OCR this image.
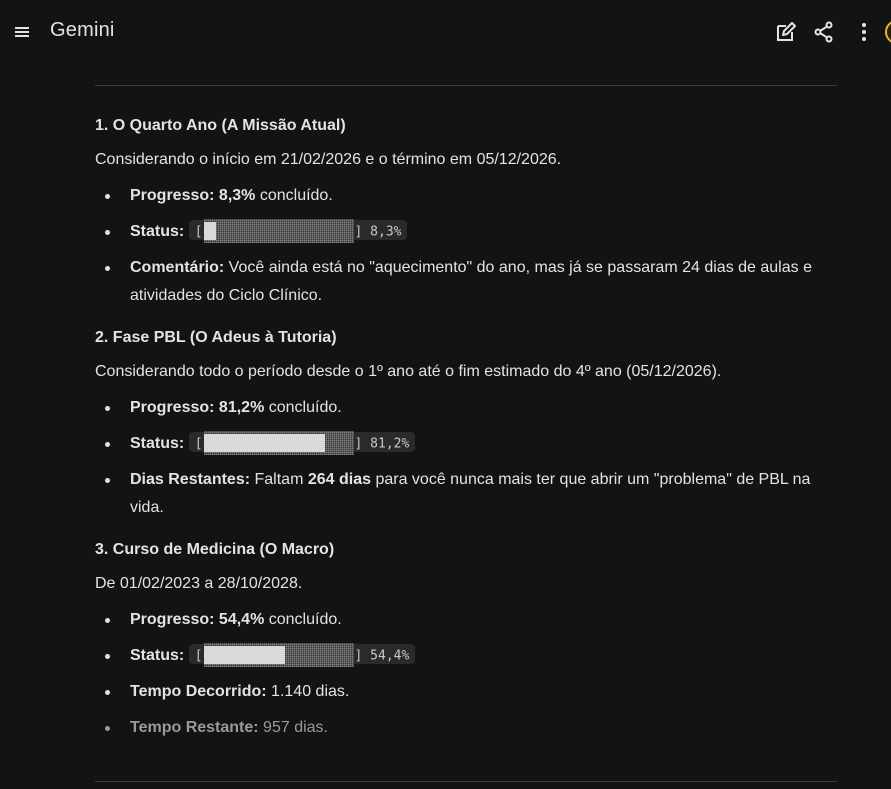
Gemini

1. O Quarto Ano (A Missão Atual)

Considerando o início em 21/02/2026 e o término em 05/12/2026.

Progresso: 8,3% concluído.
Status: [	] 8,3%
Comentário: Você ainda está no "aquecimento" do ano, mas já se passaram 24 dias de aulas e atividades do Ciclo Clínico.

2. Fase PBL (O Adeus à Tutoria)

Considerando todo o período desde o 1º ano até o fim estimado do 4º ano (05/12/2026).

Progresso: 81,2% concluído.
Status: [	] 81,2%
Dias Restantes: Faltam 264 dias para você nunca mais ter que abrir um "problema" de PBL na vida.

3. Curso de Medicina (O Macro)

De 01/02/2023 a 28/10/2028.

Progresso: 54,4% concluído.
Status: [	] 54,4%
Tempo Decorrido: 1.140 dias.
Tempo Restante: 957 dias.
